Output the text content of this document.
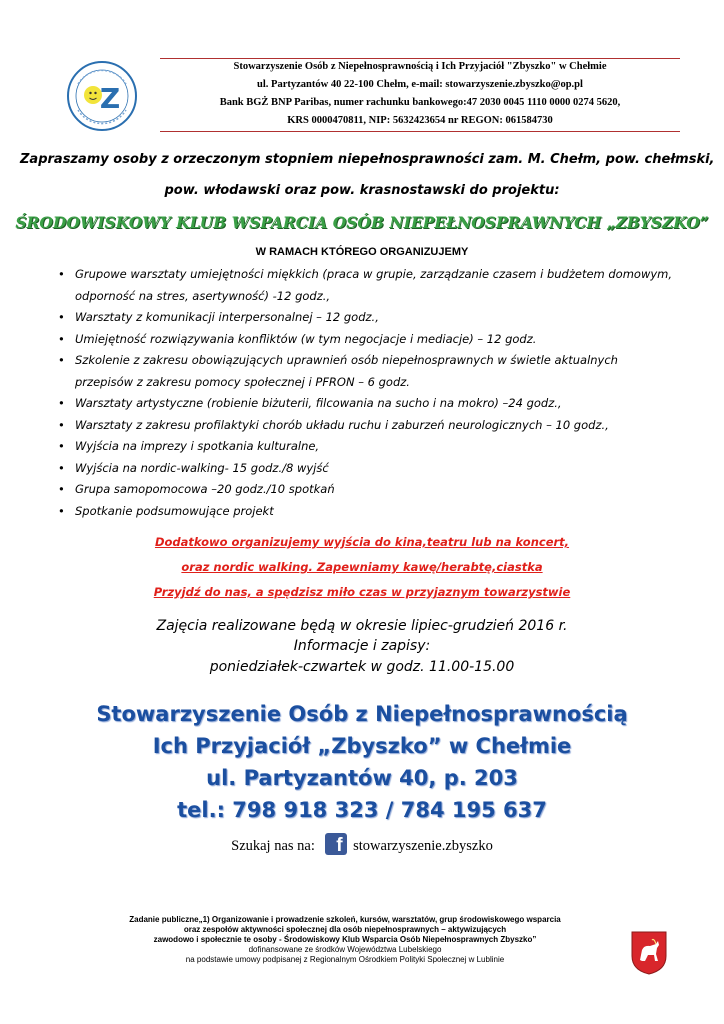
Z

Stowarzyszenie Osób z Niepełnosprawnością i Ich Przyjaciół "Zbyszko" w Chełmie

ul. Partyzantów 40 22-100 Chełm, e-mail: stowarzyszenie.zbyszko@op.pl

Bank BGŻ BNP Paribas, numer rachunku bankowego:47 2030 0045 1110 0000 0274 5620,

KRS 0000470811, NIP: 5632423654 nr REGON: 061584730

Zapraszamy osoby z orzeczonym stopniem niepełnosprawności zam. M. Chełm, pow. chełmski,
pow. włodawski oraz pow. krasnostawski do projektu:
ŚRODOWISKOWY KLUB WSPARCIA OSÓB NIEPEŁNOSPRAWNYCH „ZBYSZKO”
W RAMACH KTÓREGO ORGANIZUJEMY
• Grupowe warsztaty umiejętności miękkich (praca w grupie, zarządzanie czasem i budżetem domowym, odporność na stres, asertywność) -12 godz.,
• Warsztaty z komunikacji interpersonalnej – 12 godz.,
• Umiejętność rozwiązywania konfliktów (w tym negocjacje i mediacje) – 12 godz.
• Szkolenie z zakresu obowiązujących uprawnień osób niepełnosprawnych w świetle aktualnych przepisów z zakresu pomocy społecznej i PFRON – 6 godz.
• Warsztaty artystyczne (robienie biżuterii, filcowania na sucho i na mokro) –24 godz.,
• Warsztaty z zakresu profilaktyki chorób układu ruchu i zaburzeń neurologicznych – 10 godz.,
• Wyjścia na imprezy i spotkania kulturalne,
• Wyjścia na nordic-walking- 15 godz./8 wyjść
• Grupa samopomocowa –20 godz./10 spotkań
• Spotkanie podsumowujące projekt
Dodatkowo organizujemy wyjścia do kina,teatru lub na koncert,
oraz nordic walking. Zapewniamy kawę/herabtę,ciastka
Przyjdź do nas, a spędzisz miło czas w przyjaznym towarzystwie
Zajęcia realizowane będą w okresie lipiec-grudzień 2016 r.
Informacje i zapisy:
poniedziałek-czwartek w godz. 11.00-15.00
Stowarzyszenie Osób z Niepełnosprawnością
Ich Przyjaciół „Zbyszko” w Chełmie
ul. Partyzantów 40, p. 203
tel.: 798 918 323 / 784 195 637
Szukaj nas na: f stowarzyszenie.zbyszko

Zadanie publiczne„1) Organizowanie i prowadzenie szkoleń, kursów, warsztatów, grup środowiskowego wsparcia

oraz zespołów aktywności społecznej dla osób niepełnosprawnych – aktywizujących

zawodowo i społecznie te osoby - Środowiskowy Klub Wsparcia Osób Niepełnosprawnych Zbyszko”

dofinansowane ze środków Województwa Lubelskiego

na podstawie umowy podpisanej z Regionalnym Ośrodkiem Polityki Społecznej w Lublinie
